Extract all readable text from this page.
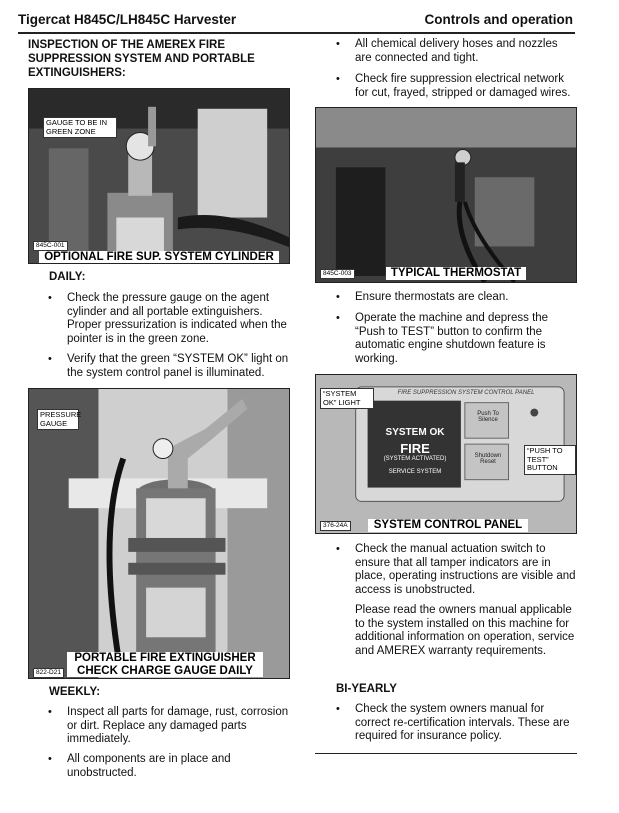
Tigercat H845C/LH845C Harvester	Controls and operation
INSPECTION OF THE AMEREX FIRE SUPPRESSION SYSTEM AND PORTABLE EXTINGUISHERS:
GAUGE TO BE IN GREEN ZONE
845C-001
OPTIONAL FIRE SUP. SYSTEM CYLINDER
DAILY:
• Check the pressure gauge on the agent cylinder and all portable extinguishers. Proper pressurization is indicated when the pointer is in the green zone.
• Verify that the green “SYSTEM OK” light on the system control panel is illuminated.
PRESSURE GAUGE
822-D21
PORTABLE FIRE EXTINGUISHER CHECK CHARGE GAUGE DAILY
WEEKLY:
• Inspect all parts for damage, rust, corrosion or dirt. Replace any damaged parts immediately.
• All components are in place and unobstructed.
• All chemical delivery hoses and nozzles are connected and tight.
• Check fire suppression electrical network for cut, frayed, stripped or damaged wires.
845C-003	TYPICAL THERMOSTAT
• Ensure thermostats are clean.
• Operate the machine and depress the “Push to TEST” button to confirm the automatic engine shutdown feature is working.
FIRE SUPPRESSION SYSTEM CONTROL PANEL
SYSTEM OK
FIRE
(SYSTEM ACTIVATED)
SERVICE SYSTEM
Push To Silence
Shutdown Reset
“SYSTEM OK” LIGHT
“PUSH TO TEST” BUTTON
376-24A	SYSTEM CONTROL PANEL
• Check the manual actuation switch to ensure that all tamper indicators are in place, operating instructions are visible and access is unobstructed.
Please read the owners manual applicable to the system installed on this machine for additional information on operation, service and AMEREX warranty requirements.
BI-YEARLY
• Check the system owners manual for correct re-certification intervals. These are required for insurance policy.
